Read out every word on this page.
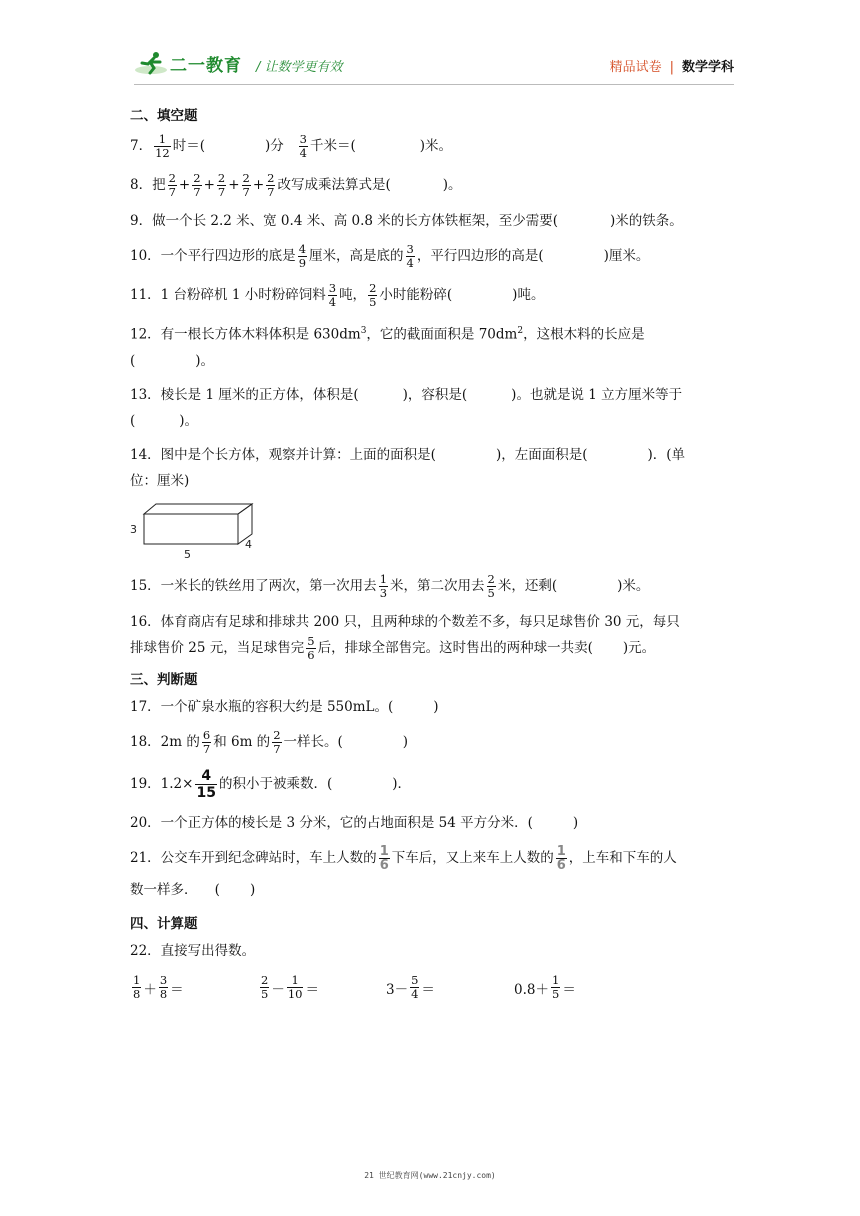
二一教育 / 让数学更有效	精品试卷 | 数学学科
二、填空题
7． $\frac{1}{12}$ 时＝(	)分 $\frac{3}{4}$ 千米＝(	)米。
8．把 $\frac{2}{7} + \frac{2}{7} + \frac{2}{7} + \frac{2}{7} + \frac{2}{7}$ 改写成乘法算式是(	)。
9．做一个长 2.2 米、宽 0.4 米、高 0.8 米的长方体铁框架，至少需要(	)米的铁条。
10．一个平行四边形的底是 $\frac{4}{9}$ 厘米，高是底的 $\frac{3}{4}$ ，平行四边形的高是(	)厘米。
11．1 台粉碎机 1 小时粉碎饲料 $\frac{3}{4}$ 吨， $\frac{2}{5}$ 小时能粉碎(	)吨。
12．有一根长方体木料体积是 $630dm^3$，它的截面面积是 $70dm^2$，这根木料的长应是
(	)。
13．棱长是 1 厘米的正方体，体积是(	)，容积是(	)。也就是说 1 立方厘米等于
(	)。
14．图中是个长方体，观察并计算：上面的面积是(	)，左面面积是(	)．(单
位：厘米)
3
5
4
15．一米长的铁丝用了两次，第一次用去 $\frac{1}{3}$ 米，第二次用去 $\frac{2}{5}$ 米，还剩(	)米。
16．体育商店有足球和排球共 200 只，且两种球的个数差不多，每只足球售价 30 元，每只
排球售价 25 元，当足球售完 $\frac{5}{6}$ 后，排球全部售完。这时售出的两种球一共卖( )元。
三、判断题
17．一个矿泉水瓶的容积大约是 550mL。(	)
18．2m 的 $\frac{6}{7}$ 和 6m 的 $\frac{2}{7}$ 一样长。(	)
19．$1.2\times \frac{4}{15}$ 的积小于被乘数．(	)．
20．一个正方体的棱长是 3 分米，它的占地面积是 54 平方分米．(	)
21．公交车开到纪念碑站时，车上人数的 $\frac{1}{6}$ 下车后，又上来车上人数的 $\frac{1}{6}$ ，上车和下车的人
数一样多． ( )
四、计算题
22．直接写出得数。
$\frac{1}{8} + \frac{3}{8}$ ＝	$\frac{2}{5} - \frac{1}{10}$ ＝	$3- \frac{5}{4}$ ＝	$0.8+ \frac{1}{5}$ ＝
21 世纪教育网(www.21cnjy.com)
